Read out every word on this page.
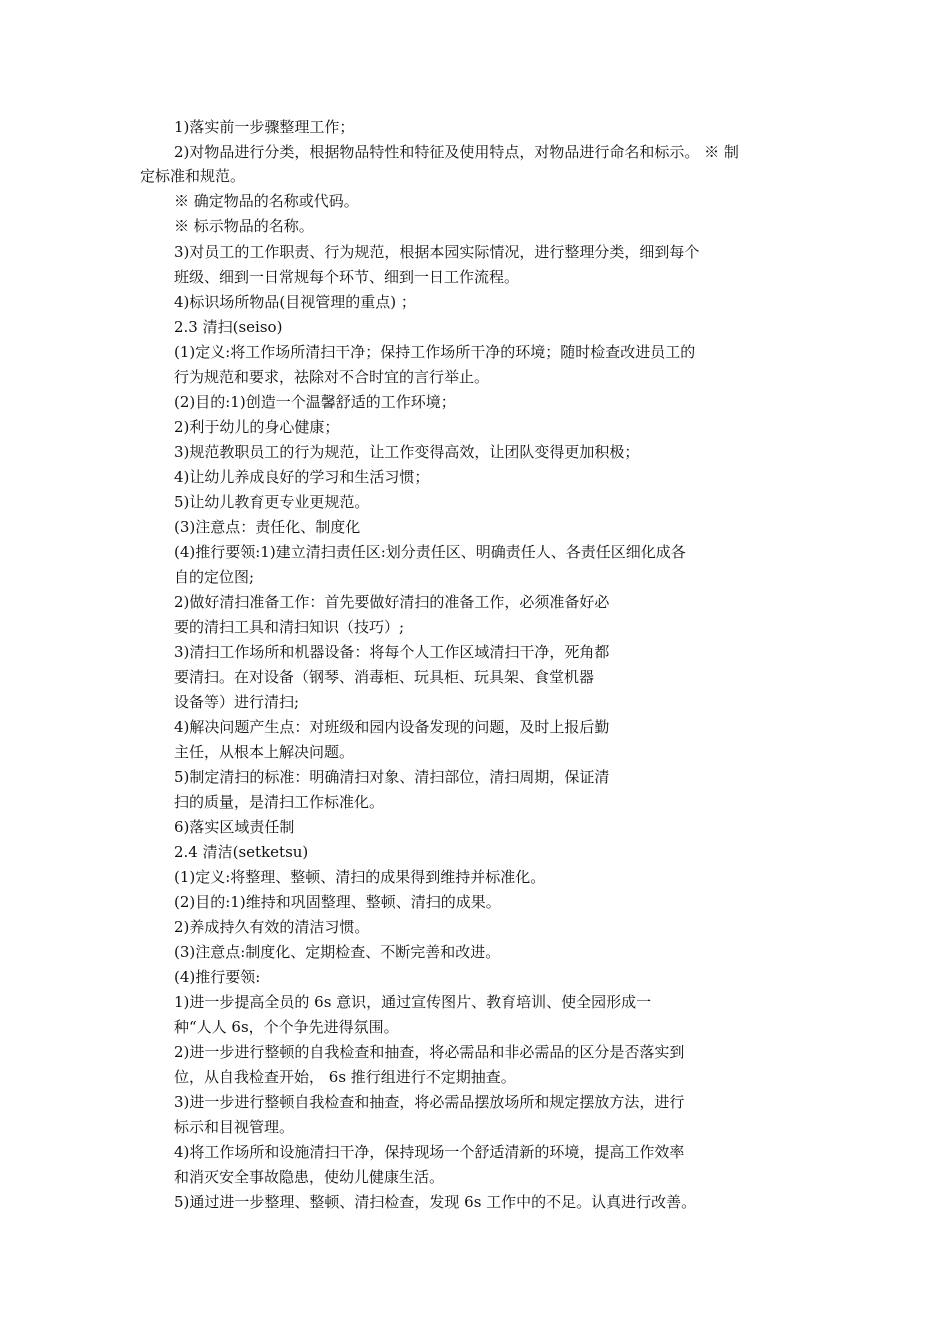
1)落实前一步骤整理工作；
2)对物品进行分类，根据物品特性和特征及使用特点，对物品进行命名和标示。 ※ 制
定标准和规范。
※ 确定物品的名称或代码。
※ 标示物品的名称。
3)对员工的工作职责、行为规范，根据本园实际情况，进行整理分类，细到每个
班级、细到一日常规每个环节、细到一日工作流程。
4)标识场所物品(目视管理的重点) ；
2.3 清扫(seiso)
(1)定义:将工作场所清扫干净；保持工作场所干净的环境；随时检查改进员工的
行为规范和要求，祛除对不合时宜的言行举止。
(2)目的:1)创造一个温馨舒适的工作环境；
2)利于幼儿的身心健康；
3)规范教职员工的行为规范，让工作变得高效，让团队变得更加积极；
4)让幼儿养成良好的学习和生活习惯；
5)让幼儿教育更专业更规范。
(3)注意点：责任化、制度化
(4)推行要领:1)建立清扫责任区:划分责任区、明确责任人、各责任区细化成各
自的定位图;
2)做好清扫准备工作：首先要做好清扫的准备工作，必须准备好必
要的清扫工具和清扫知识（技巧）;
3)清扫工作场所和机器设备：将每个人工作区域清扫干净，死角都
要清扫。在对设备（钢琴、消毒柜、玩具柜、玩具架、食堂机器
设备等）进行清扫;
4)解决问题产生点：对班级和园内设备发现的问题，及时上报后勤
主任，从根本上解决问题。
5)制定清扫的标准：明确清扫对象、清扫部位，清扫周期，保证清
扫的质量，是清扫工作标准化。
6)落实区域责任制
2.4 清洁(setketsu)
(1)定义:将整理、整顿、清扫的成果得到维持并标准化。
(2)目的:1)维持和巩固整理、整顿、清扫的成果。
2)养成持久有效的清洁习惯。
(3)注意点:制度化、定期检查、不断完善和改进。
(4)推行要领:
1)进一步提高全员的 6s 意识，通过宣传图片、教育培训、使全园形成一
种“人人 6s，个个争先进得氛围。
2)进一步进行整顿的自我检查和抽查，将必需品和非必需品的区分是否落实到
位，从自我检查开始， 6s 推行组进行不定期抽查。
3)进一步进行整顿自我检查和抽查，将必需品摆放场所和规定摆放方法，进行
标示和目视管理。
4)将工作场所和设施清扫干净，保持现场一个舒适清新的环境，提高工作效率
和消灭安全事故隐患，使幼儿健康生活。
5)通过进一步整理、整顿、清扫检查，发现 6s 工作中的不足。认真进行改善。
